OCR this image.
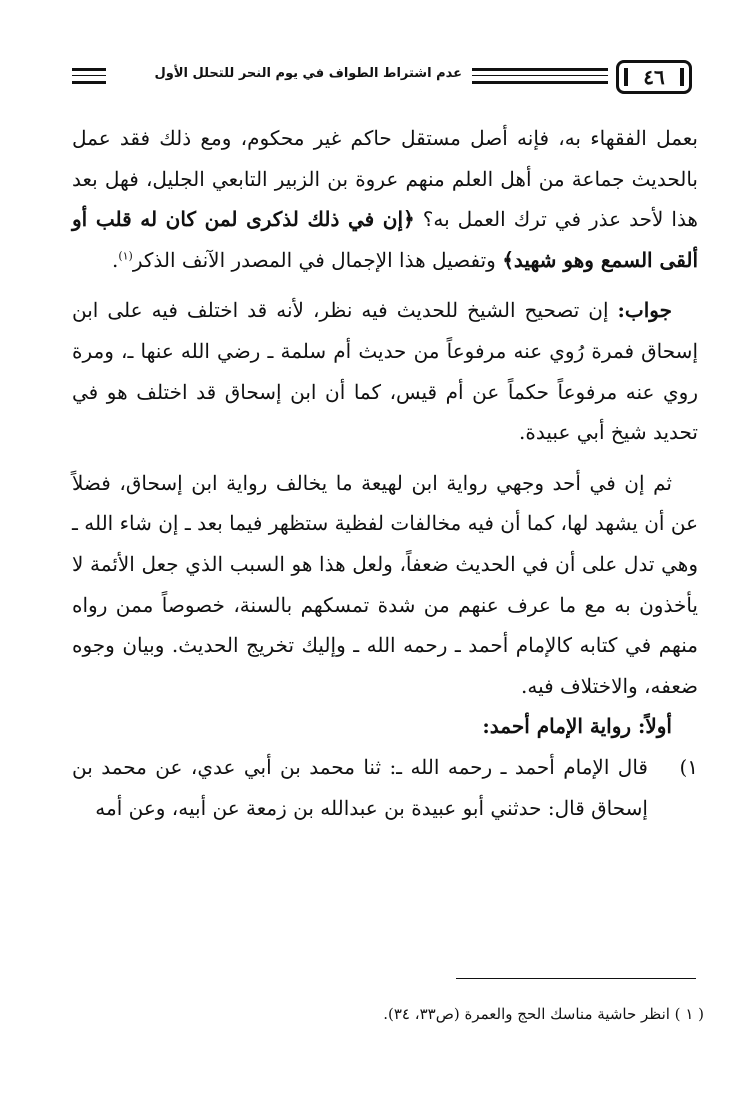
٤٦
عدم اشتراط الطواف في يوم النحر للتحلل الأول

بعمل الفقهاء به، فإنه أصل مستقل حاكم غير محكوم، ومع ذلك فقد عمل بالحديث جماعة من أهل العلم منهم عروة بن الزبير التابعي الجليل، فهل بعد هذا لأحد عذر في ترك العمل به؟ ﴿إن في ذلك لذكرى لمن كان له قلب أو ألقى السمع وهو شهيد﴾ وتفصيل هذا الإجمال في المصدر الآنف الذكر$^{(١)}$.

جواب: إن تصحيح الشيخ للحديث فيه نظر، لأنه قد اختلف فيه على ابن إسحاق فمرة رُوي عنه مرفوعاً من حديث أم سلمة ـ رضي الله عنها ـ، ومرة روي عنه مرفوعاً حكماً عن أم قيس، كما أن ابن إسحاق قد اختلف هو في تحديد شيخ أبي عبيدة.

ثم إن في أحد وجهي رواية ابن لهيعة ما يخالف رواية ابن إسحاق، فضلاً عن أن يشهد لها، كما أن فيه مخالفات لفظية ستظهر فيما بعد ـ إن شاء الله ـ وهي تدل على أن في الحديث ضعفاً، ولعل هذا هو السبب الذي جعل الأئمة لا يأخذون به مع ما عرف عنهم من شدة تمسكهم بالسنة، خصوصاً ممن رواه منهم في كتابه كالإمام أحمد ـ رحمه الله ـ وإليك تخريج الحديث. وبيان وجوه ضعفه، والاختلاف فيه.

أولاً: رواية الإمام أحمد:

١)
قال الإمام أحمد ـ رحمه الله ـ: ثنا محمد بن أبي عدي، عن محمد بن إسحاق قال: حدثني أبو عبيدة بن عبدالله بن زمعة عن أبيه، وعن أمه
( ١ ) انظر حاشية مناسك الحج والعمرة (ص٣٣، ٣٤).
